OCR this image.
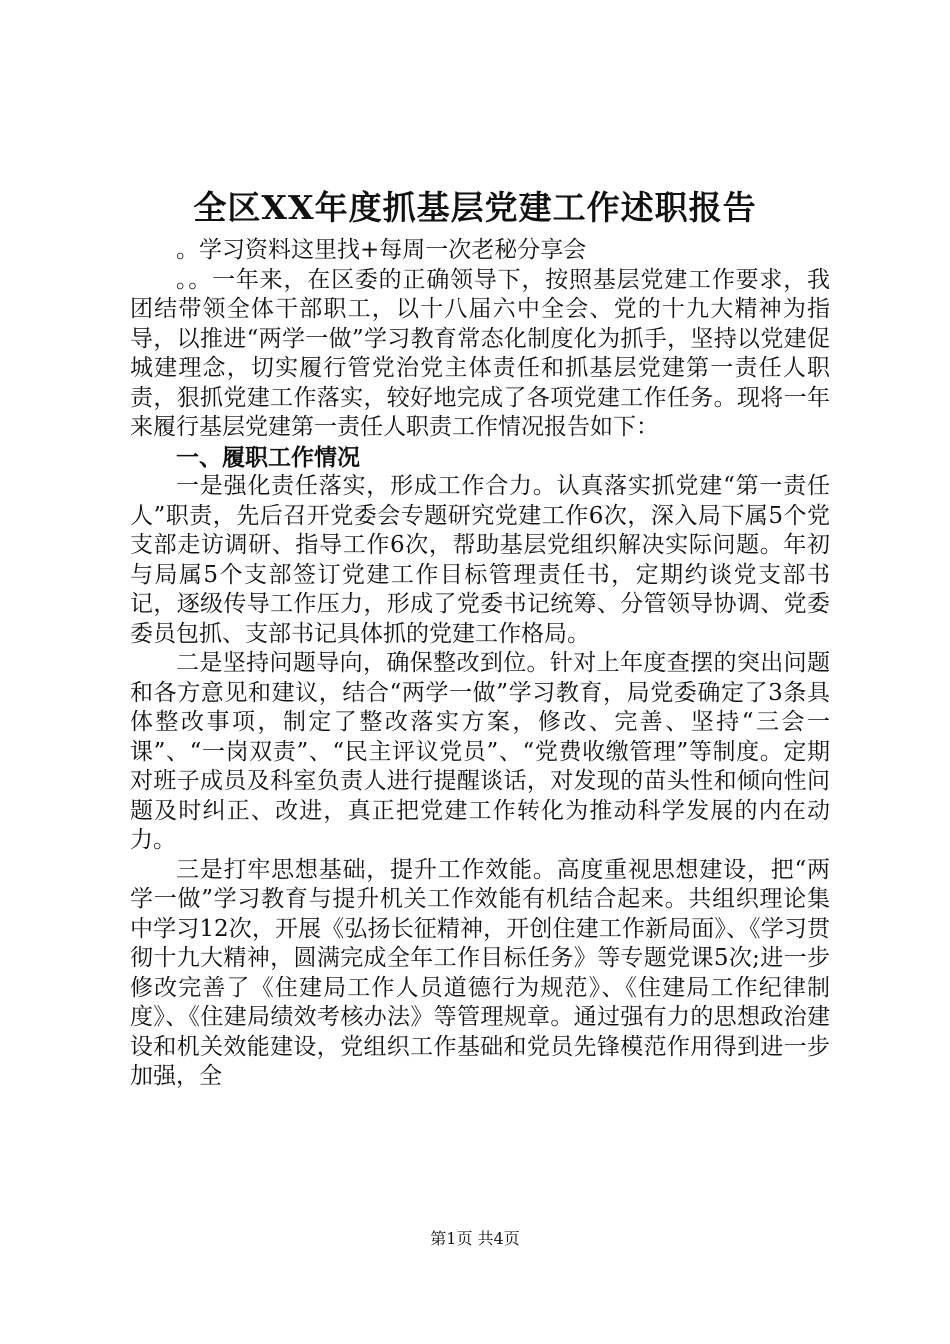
全区XX年度抓基层党建工作述职报告

。学习资料这里找+每周一次老秘分享会

。。一年来，在区委的正确领导下，按照基层党建工作要求，我团结带领全体干部职工，以十八届六中全会、党的十九大精神为指导，以推进“两学一做”学习教育常态化制度化为抓手，坚持以党建促城建理念，切实履行管党治党主体责任和抓基层党建第一责任人职责，狠抓党建工作落实，较好地完成了各项党建工作任务。现将一年来履行基层党建第一责任人职责工作情况报告如下：

一、履职工作情况

一是强化责任落实，形成工作合力。认真落实抓党建“第一责任人”职责，先后召开党委会专题研究党建工作6次，深入局下属5个党支部走访调研、指导工作6次，帮助基层党组织解决实际问题。年初与局属5个支部签订党建工作目标管理责任书，定期约谈党支部书记，逐级传导工作压力，形成了党委书记统筹、分管领导协调、党委委员包抓、支部书记具体抓的党建工作格局。

二是坚持问题导向，确保整改到位。针对上年度查摆的突出问题和各方意见和建议，结合“两学一做”学习教育，局党委确定了3条具体整改事项，制定了整改落实方案，修改、完善、坚持“三会一课”、“一岗双责”、“民主评议党员”、“党费收缴管理”等制度。定期对班子成员及科室负责人进行提醒谈话，对发现的苗头性和倾向性问题及时纠正、改进，真正把党建工作转化为推动科学发展的内在动力。

三是打牢思想基础，提升工作效能。高度重视思想建设，把“两学一做”学习教育与提升机关工作效能有机结合起来。共组织理论集中学习12次，开展《弘扬长征精神，开创住建工作新局面》、《学习贯彻十九大精神，圆满完成全年工作目标任务》等专题党课5次;进一步修改完善了《住建局工作人员道德行为规范》、《住建局工作纪律制度》、《住建局绩效考核办法》等管理规章。通过强有力的思想政治建设和机关效能建设，党组织工作基础和党员先锋模范作用得到进一步加强，全

第1页 共4页
